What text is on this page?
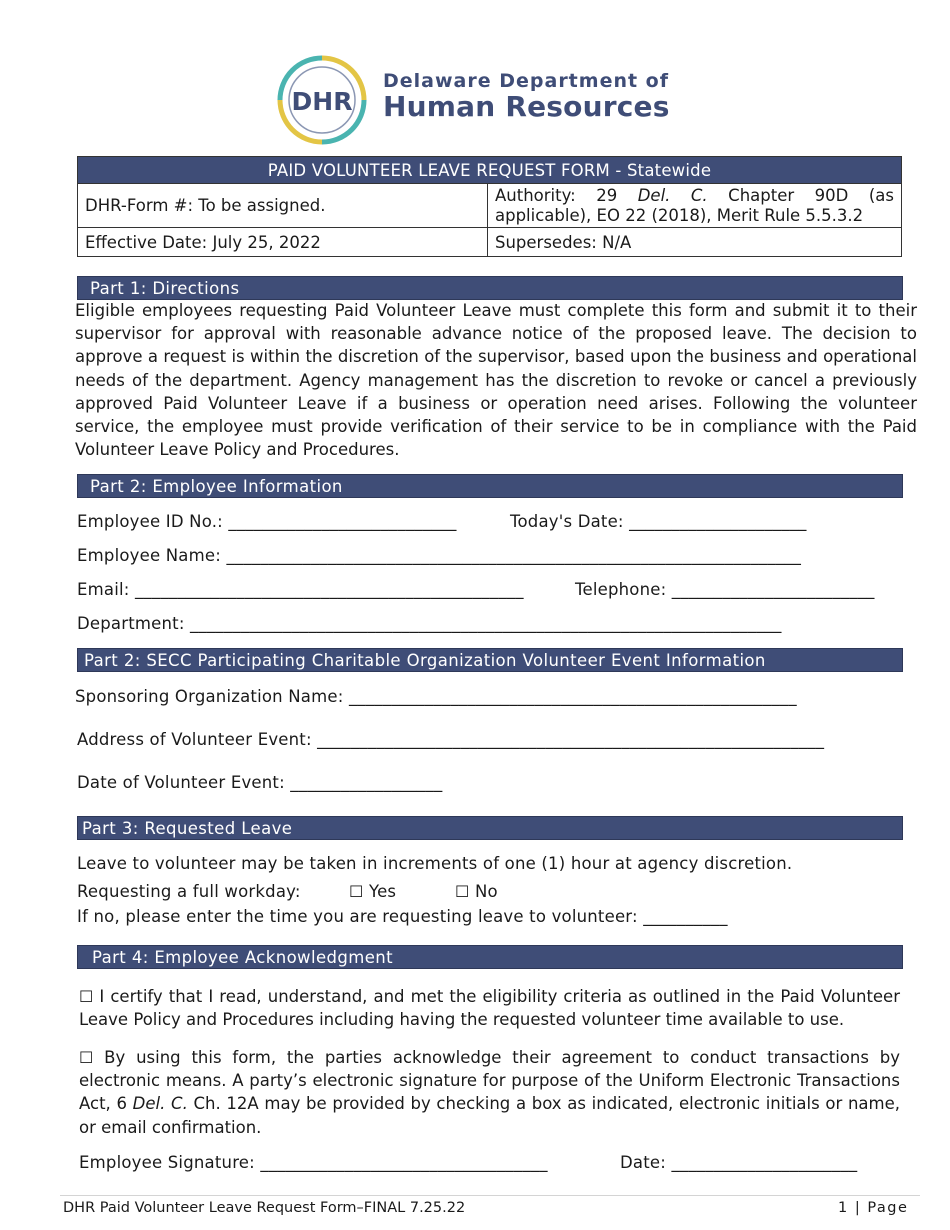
DHR
Delaware Department of
Human Resources
PAID VOLUNTEER LEAVE REQUEST FORM - Statewide	
DHR-Form #: To be assigned.	Authority: 29 Del. C. Chapter 90D (as applicable), EO 22 (2018), Merit Rule 5.5.3.2
Effective Date: July 25, 2022	Supersedes: N/A
Part 1: Directions
Eligible employees requesting Paid Volunteer Leave must complete this form and submit it to their supervisor for approval with reasonable advance notice of the proposed leave. The decision to approve a request is within the discretion of the supervisor, based upon the business and operational needs of the department. Agency management has the discretion to revoke or cancel a previously approved Paid Volunteer Leave if a business or operation need arises. Following the volunteer service, the employee must provide verification of their service to be in compliance with the Paid Volunteer Leave Policy and Procedures.
Part 2: Employee Information
Employee ID No.: ___________________________	Today's Date: _____________________
Employee Name: ____________________________________________________________________
Email: ______________________________________________	Telephone: ________________________
Department: ______________________________________________________________________
Part 2: SECC Participating Charitable Organization Volunteer Event Information
Sponsoring Organization Name: _____________________________________________________
Address of Volunteer Event: ____________________________________________________________
Date of Volunteer Event: __________________
Part 3: Requested Leave
Leave to volunteer may be taken in increments of one (1) hour at agency discretion.
Requesting a full workday:	☐ Yes	☐ No
If no, please enter the time you are requesting leave to volunteer: __________
Part 4: Employee Acknowledgment
☐ I certify that I read, understand, and met the eligibility criteria as outlined in the Paid Volunteer Leave Policy and Procedures including having the requested volunteer time available to use.
☐ By using this form, the parties acknowledge their agreement to conduct transactions by electronic means. A party’s electronic signature for purpose of the Uniform Electronic Transactions Act, 6 Del. C. Ch. 12A may be provided by checking a box as indicated, electronic initials or name, or email confirmation.
Employee Signature: __________________________________	Date: ______________________
DHR Paid Volunteer Leave Request Form–FINAL 7.25.22	1 | Page
